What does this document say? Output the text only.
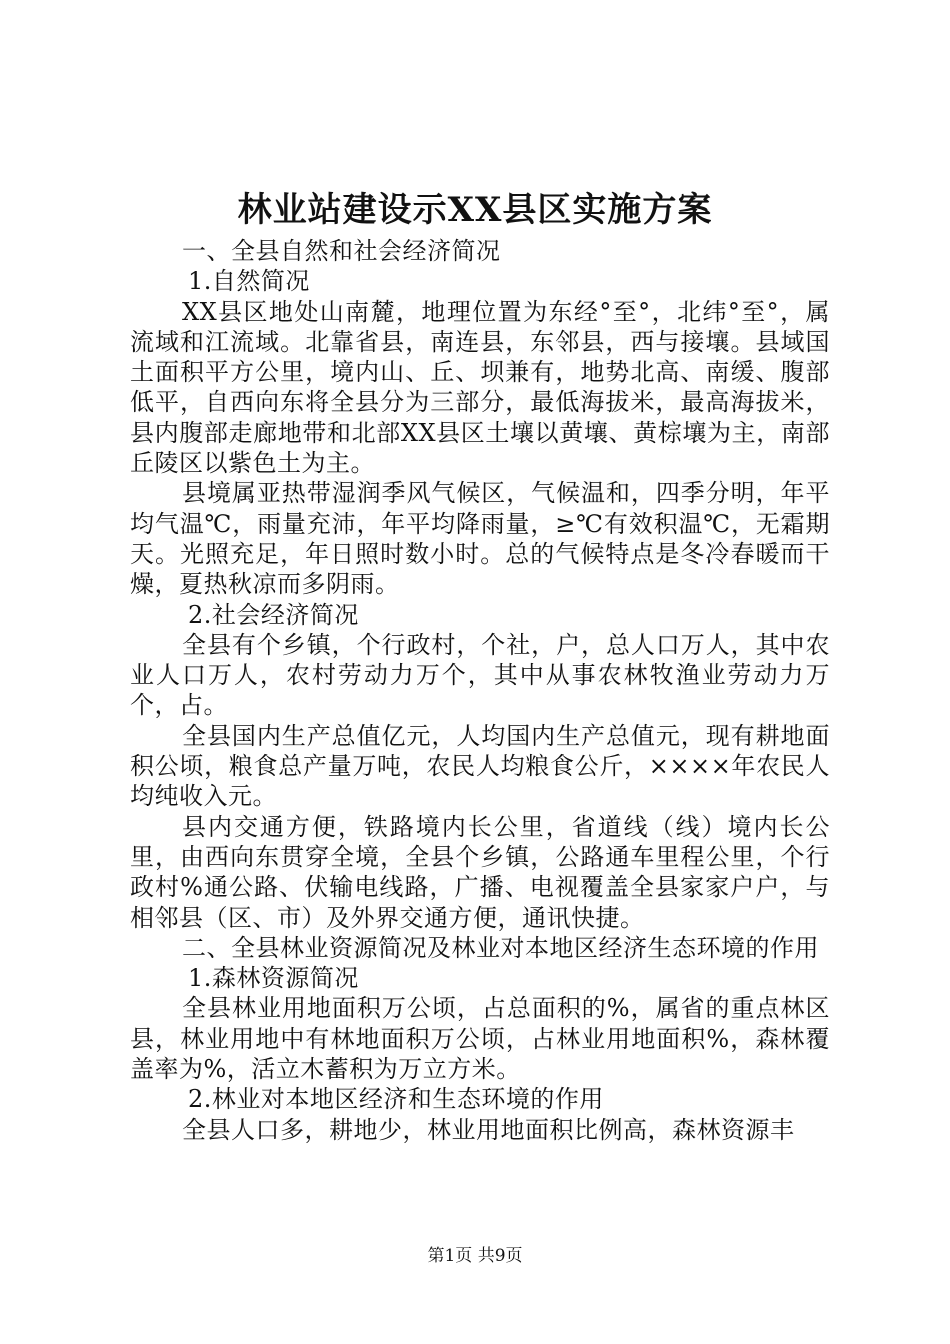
林业站建设示XX县区实施方案

一、全县自然和社会经济简况

1.自然简况

XX县区地处山南麓，地理位置为东经°至°，北纬°至°，属流域和江流域。北靠省县，南连县，东邻县，西与接壤。县域国土面积平方公里，境内山、丘、坝兼有，地势北高、南缓、腹部低平，自西向东将全县分为三部分，最低海拔米，最高海拔米，县内腹部走廊地带和北部XX县区土壤以黄壤、黄棕壤为主，南部丘陵区以紫色土为主。

县境属亚热带湿润季风气候区，气候温和，四季分明，年平均气温℃，雨量充沛，年平均降雨量，≥℃有效积温℃，无霜期天。光照充足，年日照时数小时。总的气候特点是冬冷春暖而干燥，夏热秋凉而多阴雨。

2.社会经济简况

全县有个乡镇，个行政村，个社，户，总人口万人，其中农业人口万人，农村劳动力万个，其中从事农林牧渔业劳动力万个，占。

全县国内生产总值亿元，人均国内生产总值元，现有耕地面积公顷，粮食总产量万吨，农民人均粮食公斤，××××年农民人均纯收入元。

县内交通方便，铁路境内长公里，省道线（线）境内长公里，由西向东贯穿全境，全县个乡镇，公路通车里程公里，个行政村%通公路、伏输电线路，广播、电视覆盖全县家家户户，与相邻县（区、市）及外界交通方便，通讯快捷。

二、全县林业资源简况及林业对本地区经济生态环境的作用

1.森林资源简况

全县林业用地面积万公顷，占总面积的%，属省的重点林区县，林业用地中有林地面积万公顷，占林业用地面积%，森林覆盖率为%，活立木蓄积为万立方米。

2.林业对本地区经济和生态环境的作用

全县人口多，耕地少，林业用地面积比例高，森林资源丰

第1页 共9页
